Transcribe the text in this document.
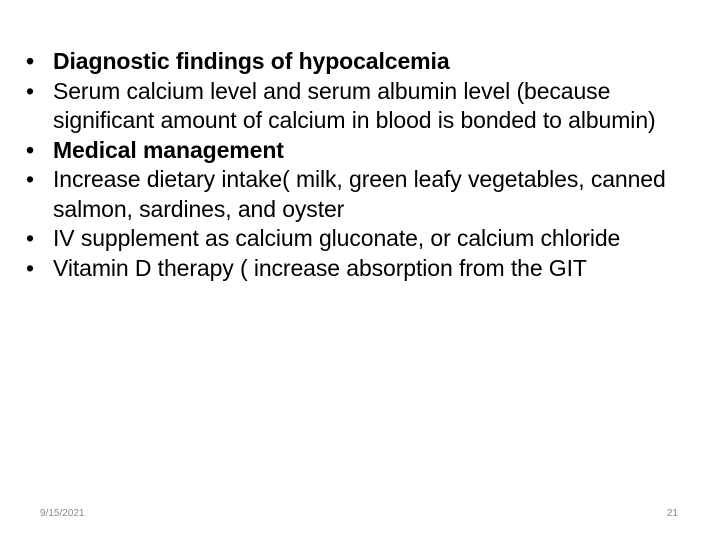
• Diagnostic findings of hypocalcemia
• Serum calcium level and serum albumin level (because significant amount of calcium in blood is bonded to albumin)
• Medical management
• Increase dietary intake( milk, green leafy vegetables, canned salmon, sardines, and oyster
• IV supplement as calcium gluconate, or calcium chloride
• Vitamin D therapy ( increase absorption from the GIT
9/15/2021	21
